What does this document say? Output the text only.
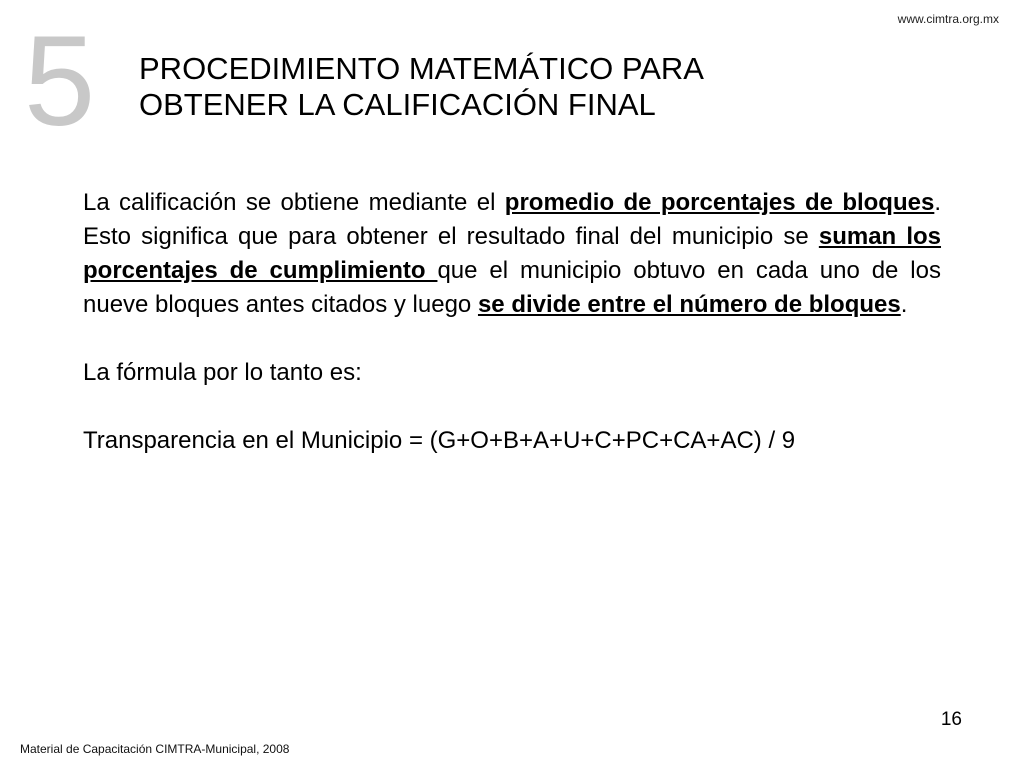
www.cimtra.org.mx
5 PROCEDIMIENTO MATEMÁTICO PARA
OBTENER LA CALIFICACIÓN FINAL

La calificación se obtiene mediante el promedio de porcentajes de bloques. Esto significa que para obtener el resultado final del municipio se suman los porcentajes de cumplimiento que el municipio obtuvo en cada uno de los nueve bloques antes citados y luego se divide entre el número de bloques.

La fórmula por lo tanto es:

Transparencia en el Municipio = (G+O+B+A+U+C+PC+CA+AC) / 9

16
Material de Capacitación CIMTRA-Municipal, 2008
